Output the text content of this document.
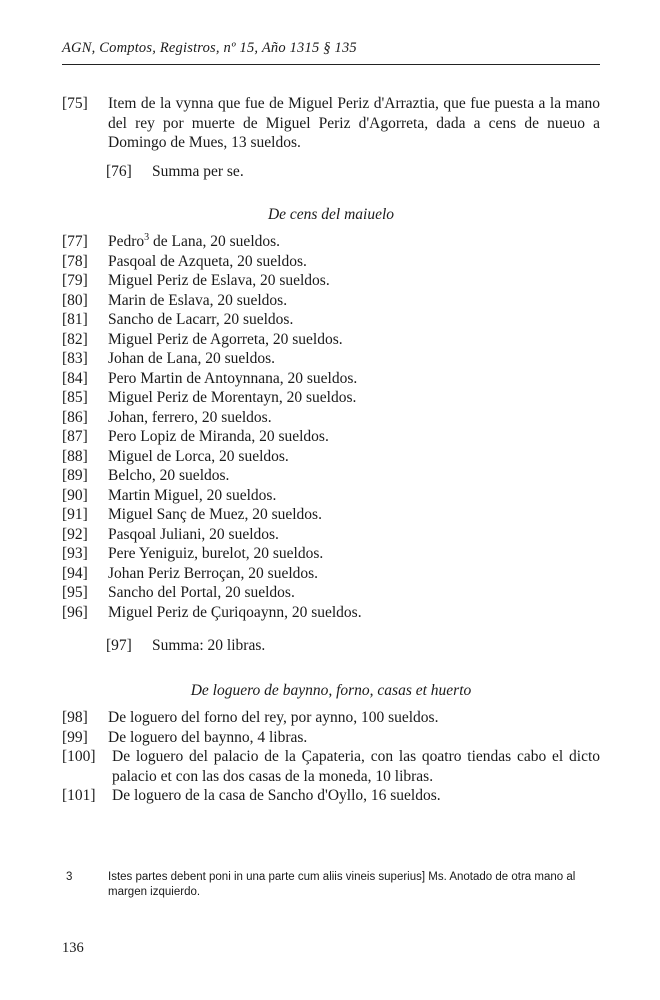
AGN, Comptos, Registros, nº 15, Año 1315 § 135
[75] Item de la vynna que fue de Miguel Periz d'Arraztia, que fue puesta a la mano del rey por muerte de Miguel Periz d'Agorreta, dada a cens de nueuo a Domingo de Mues, 13 sueldos.
[76] Summa per se.
De cens del maiuelo
[77] Pedro$^3$ de Lana, 20 sueldos.
[78] Pasqoal de Azqueta, 20 sueldos.
[79] Miguel Periz de Eslava, 20 sueldos.
[80] Marin de Eslava, 20 sueldos.
[81] Sancho de Lacarr, 20 sueldos.
[82] Miguel Periz de Agorreta, 20 sueldos.
[83] Johan de Lana, 20 sueldos.
[84] Pero Martin de Antoynnana, 20 sueldos.
[85] Miguel Periz de Morentayn, 20 sueldos.
[86] Johan, ferrero, 20 sueldos.
[87] Pero Lopiz de Miranda, 20 sueldos.
[88] Miguel de Lorca, 20 sueldos.
[89] Belcho, 20 sueldos.
[90] Martin Miguel, 20 sueldos.
[91] Miguel Sanç de Muez, 20 sueldos.
[92] Pasqoal Juliani, 20 sueldos.
[93] Pere Yeniguiz, burelot, 20 sueldos.
[94] Johan Periz Berroçan, 20 sueldos.
[95] Sancho del Portal, 20 sueldos.
[96] Miguel Periz de Çuriqoaynn, 20 sueldos.
[97] Summa: 20 libras.
De loguero de baynno, forno, casas et huerto
[98] De loguero del forno del rey, por aynno, 100 sueldos.
[99] De loguero del baynno, 4 libras.
[100] De loguero del palacio de la Çapateria, con las qoatro tiendas cabo el dicto palacio et con las dos casas de la moneda, 10 libras.
[101] De loguero de la casa de Sancho d'Oyllo, 16 sueldos.
3	Istes partes debent poni in una parte cum aliis vineis superius] Ms. Anotado de otra mano al margen izquierdo.
136
